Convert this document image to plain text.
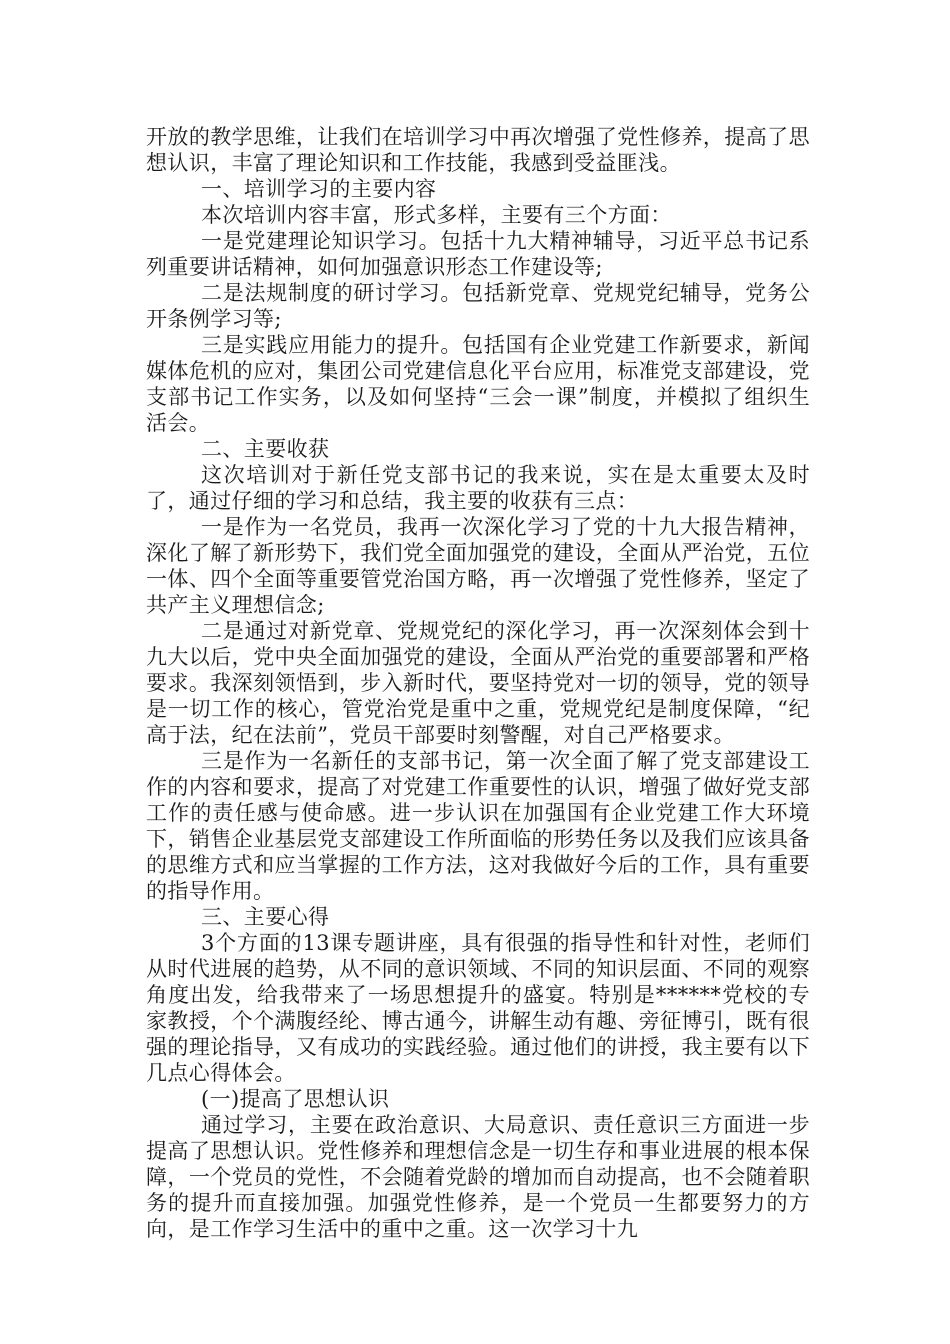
开放的教学思维，让我们在培训学习中再次增强了党性修养，提高了思想认识，丰富了理论知识和工作技能，我感到受益匪浅。

一、培训学习的主要内容

本次培训内容丰富，形式多样，主要有三个方面：

一是党建理论知识学习。包括十九大精神辅导，习近平总书记系列重要讲话精神，如何加强意识形态工作建设等;

二是法规制度的研讨学习。包括新党章、党规党纪辅导，党务公开条例学习等;

三是实践应用能力的提升。包括国有企业党建工作新要求，新闻媒体危机的应对，集团公司党建信息化平台应用，标准党支部建设，党支部书记工作实务，以及如何坚持“三会一课”制度，并模拟了组织生活会。

二、主要收获

这次培训对于新任党支部书记的我来说，实在是太重要太及时了，通过仔细的学习和总结，我主要的收获有三点：

一是作为一名党员，我再一次深化学习了党的十九大报告精神，深化了解了新形势下，我们党全面加强党的建设，全面从严治党，五位一体、四个全面等重要管党治国方略，再一次增强了党性修养，坚定了共产主义理想信念;

二是通过对新党章、党规党纪的深化学习，再一次深刻体会到十九大以后，党中央全面加强党的建设，全面从严治党的重要部署和严格要求。我深刻领悟到，步入新时代，要坚持党对一切的领导，党的领导是一切工作的核心，管党治党是重中之重，党规党纪是制度保障，“纪高于法，纪在法前”，党员干部要时刻警醒，对自己严格要求。

三是作为一名新任的支部书记，第一次全面了解了党支部建设工作的内容和要求，提高了对党建工作重要性的认识，增强了做好党支部工作的责任感与使命感。进一步认识在加强国有企业党建工作大环境下，销售企业基层党支部建设工作所面临的形势任务以及我们应该具备的思维方式和应当掌握的工作方法，这对我做好今后的工作，具有重要的指导作用。

三、主要心得

3个方面的13课专题讲座，具有很强的指导性和针对性，老师们从时代进展的趋势，从不同的意识领域、不同的知识层面、不同的观察角度出发，给我带来了一场思想提升的盛宴。特别是******党校的专家教授，个个满腹经纶、博古通今，讲解生动有趣、旁征博引，既有很强的理论指导，又有成功的实践经验。通过他们的讲授，我主要有以下几点心得体会。

(一)提高了思想认识

通过学习，主要在政治意识、大局意识、责任意识三方面进一步提高了思想认识。党性修养和理想信念是一切生存和事业进展的根本保障，一个党员的党性，不会随着党龄的增加而自动提高，也不会随着职务的提升而直接加强。加强党性修养，是一个党员一生都要努力的方向，是工作学习生活中的重中之重。这一次学习十九
